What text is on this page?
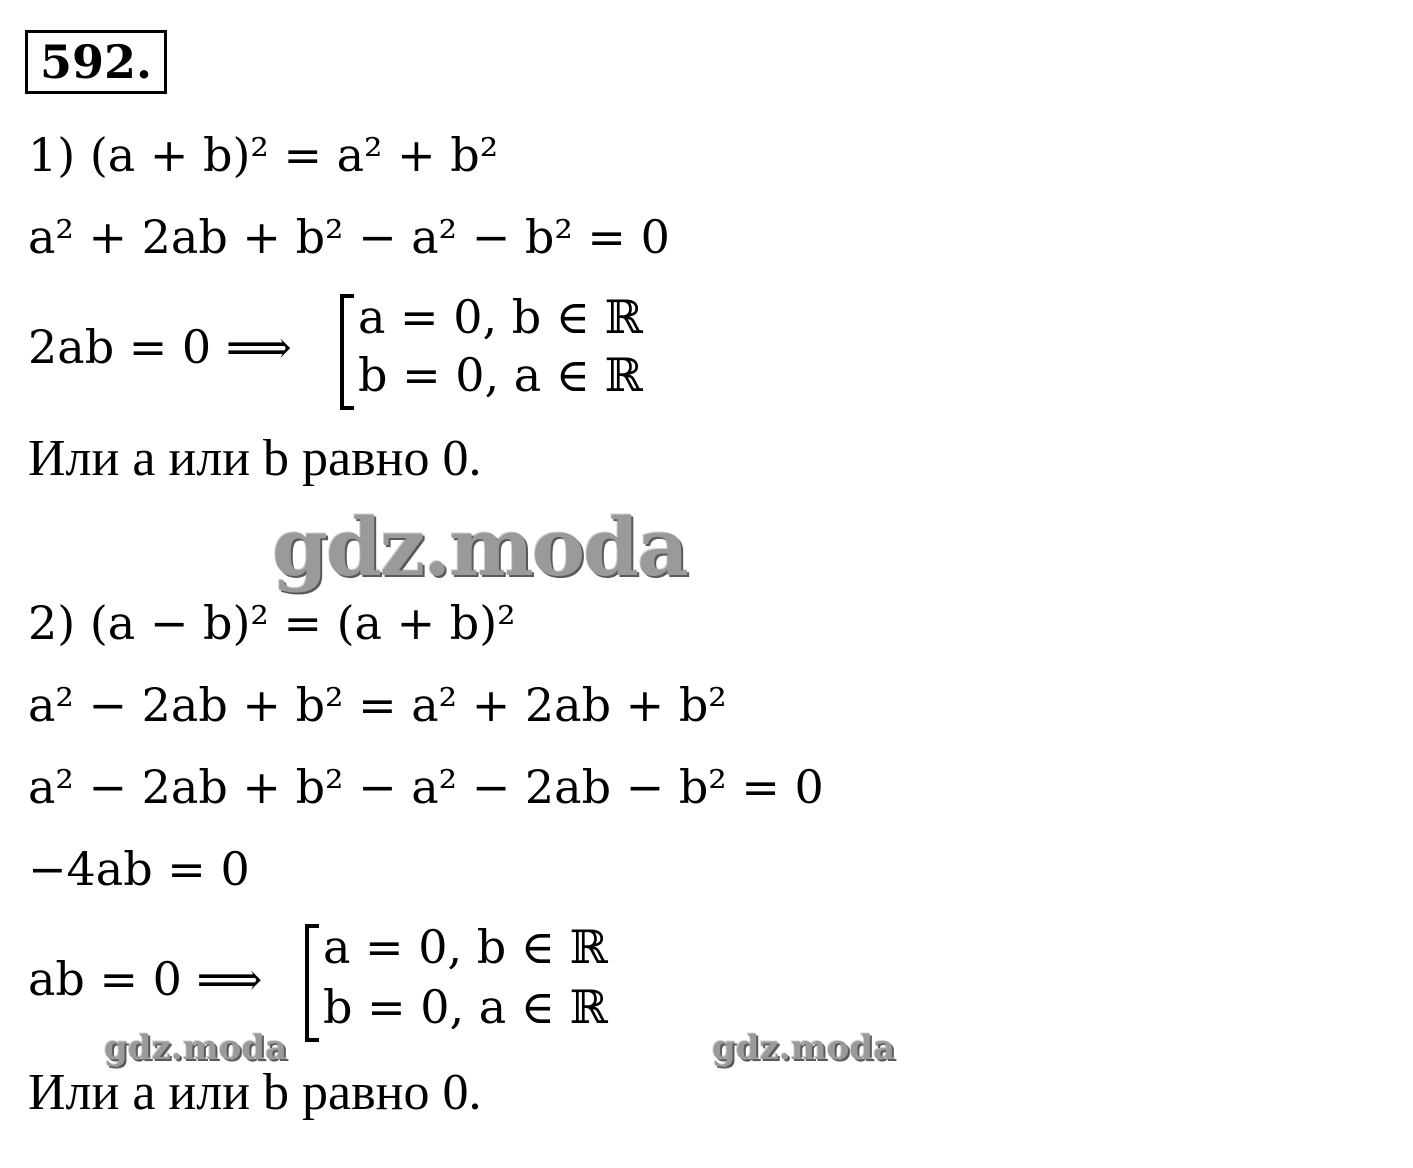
592.
1) (a + b)² = a² + b²
a² + 2ab + b² − a² − b² = 0
2ab = 0 ⟹
a = 0, b ∈ ℝ
b = 0, a ∈ ℝ
Или a или b равно 0.
gdz.moda
2) (a − b)² = (a + b)²
a² − 2ab + b² = a² + 2ab + b²
a² − 2ab + b² − a² − 2ab − b² = 0
−4ab = 0
ab = 0 ⟹
a = 0, b ∈ ℝ
b = 0, a ∈ ℝ
gdz.moda	gdz.moda
Или a или b равно 0.
